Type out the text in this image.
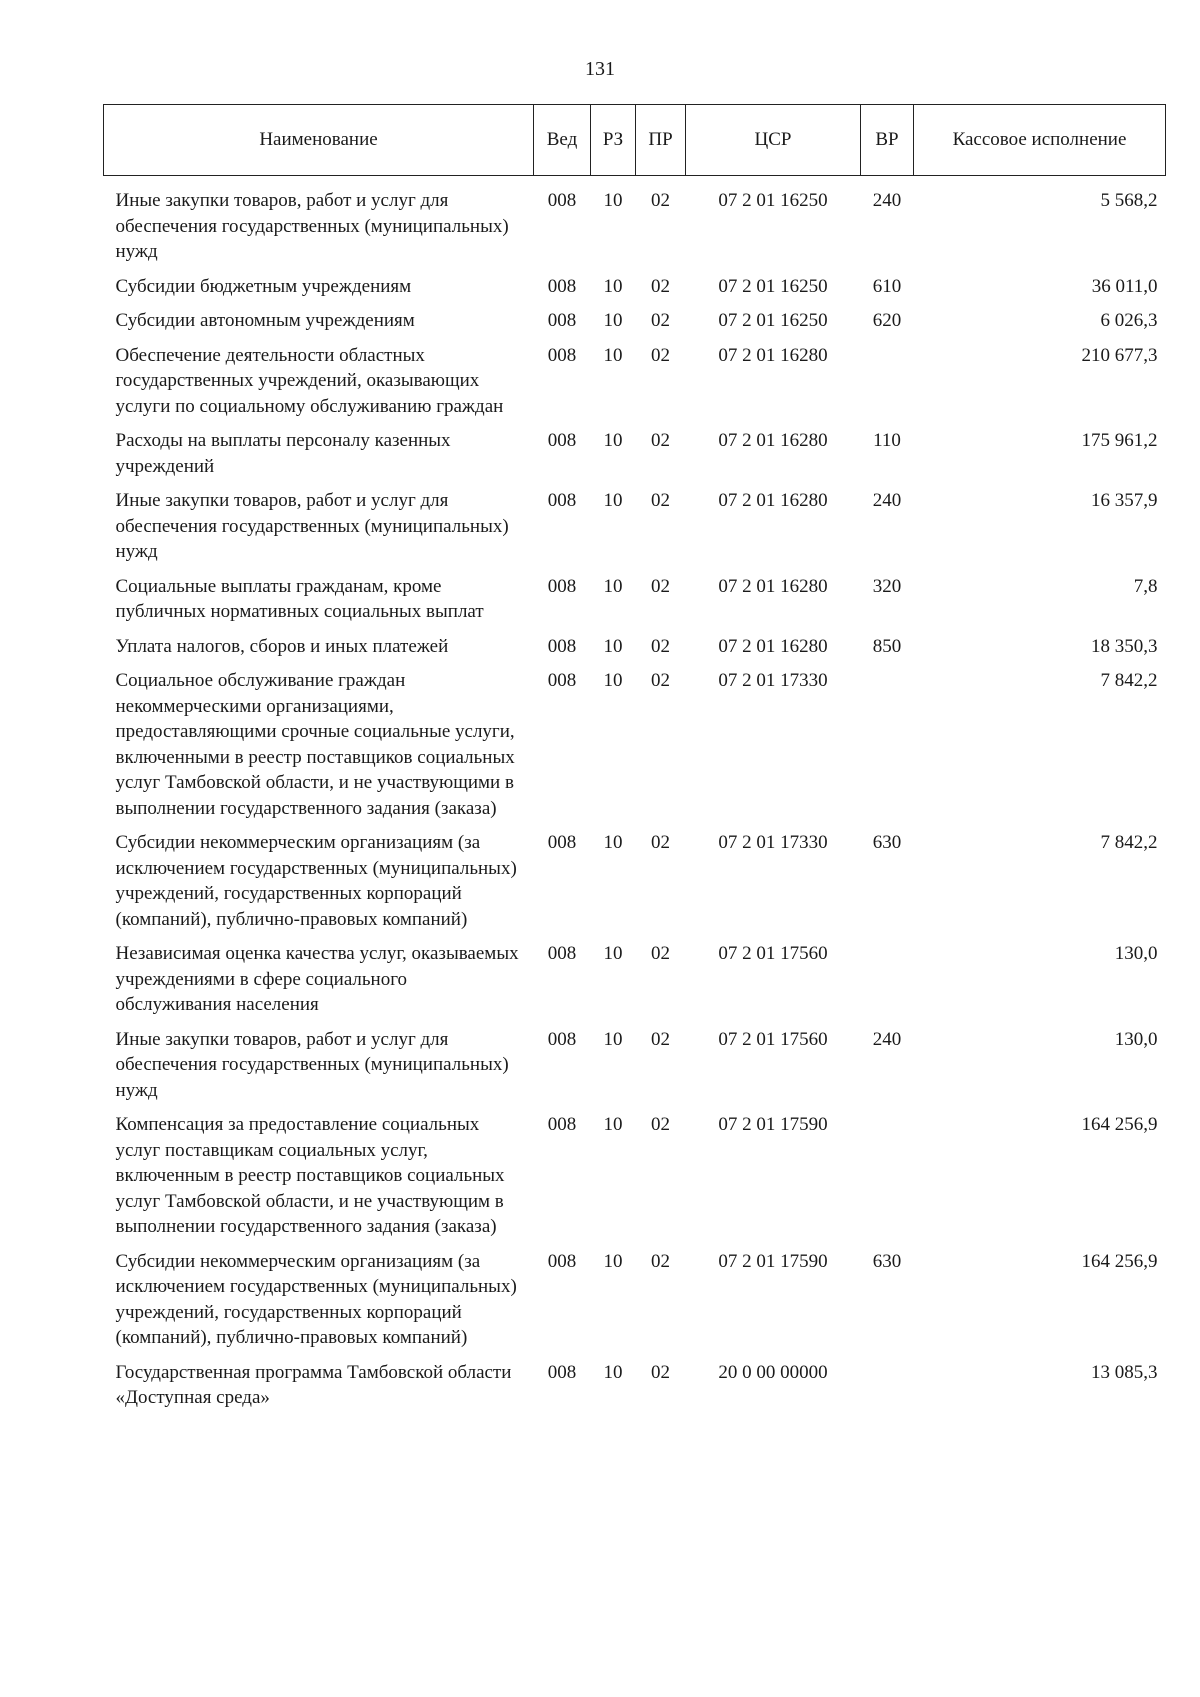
131
Наименование	Вед	РЗ	ПР	ЦСР	ВР	Кассовое исполнение
Иные закупки товаров, работ и услуг для обеспечения государственных (муниципальных) нужд	008	10	02	07 2 01 16250	240	5 568,2
Субсидии бюджетным учреждениям	008	10	02	07 2 01 16250	610	36 011,0
Субсидии автономным учреждениям	008	10	02	07 2 01 16250	620	6 026,3
Обеспечение деятельности областных государственных учреждений, оказывающих услуги по социальному обслуживанию граждан	008	10	02	07 2 01 16280		210 677,3
Расходы на выплаты персоналу казенных учреждений	008	10	02	07 2 01 16280	110	175 961,2
Иные закупки товаров, работ и услуг для обеспечения государственных (муниципальных) нужд	008	10	02	07 2 01 16280	240	16 357,9
Социальные выплаты гражданам, кроме публичных нормативных социальных выплат	008	10	02	07 2 01 16280	320	7,8
Уплата налогов, сборов и иных платежей	008	10	02	07 2 01 16280	850	18 350,3
Социальное обслуживание граждан некоммерческими организациями, предоставляющими срочные социальные услуги, включенными в реестр поставщиков социальных услуг Тамбовской области, и не участвующими в выполнении государственного задания (заказа)	008	10	02	07 2 01 17330		7 842,2
Субсидии некоммерческим организациям (за исключением государственных (муниципальных) учреждений, государственных корпораций (компаний), публично-правовых компаний)	008	10	02	07 2 01 17330	630	7 842,2
Независимая оценка качества услуг, оказываемых учреждениями в сфере социального обслуживания населения	008	10	02	07 2 01 17560		130,0
Иные закупки товаров, работ и услуг для обеспечения государственных (муниципальных) нужд	008	10	02	07 2 01 17560	240	130,0
Компенсация за предоставление социальных услуг поставщикам социальных услуг, включенным в реестр поставщиков социальных услуг Тамбовской области, и не участвующим в выполнении государственного задания (заказа)	008	10	02	07 2 01 17590		164 256,9
Субсидии некоммерческим организациям (за исключением государственных (муниципальных) учреждений, государственных корпораций (компаний), публично-правовых компаний)	008	10	02	07 2 01 17590	630	164 256,9
Государственная программа Тамбовской области «Доступная среда»	008	10	02	20 0 00 00000		13 085,3
